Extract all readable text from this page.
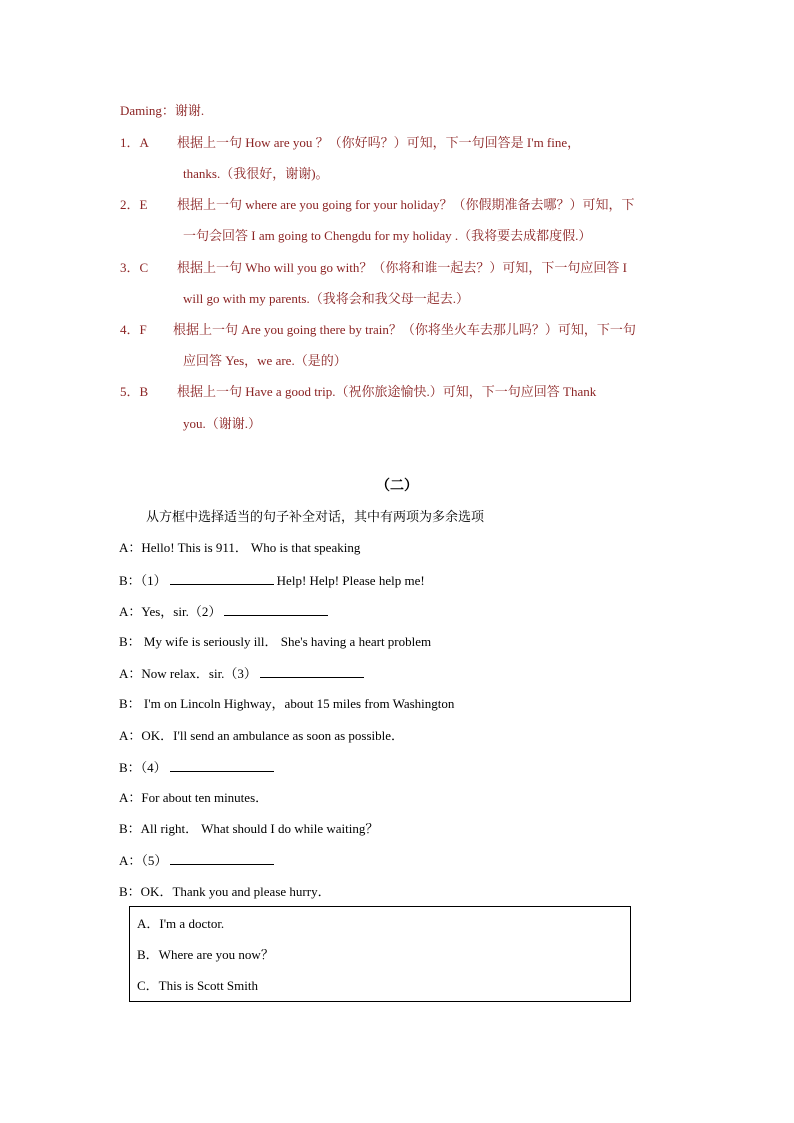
Daming：谢谢.
1．A 根据上一句 How are you ？（你好吗？）可知，下一句回答是 I'm fine，
thanks.（我很好，谢谢)。
2．E 根据上一句 where are you going for your holiday？（你假期准备去哪？）可知，下
一句会回答 I am going to Chengdu for my holiday .（我将要去成都度假.）
3．C 根据上一句 Who will you go with？（你将和谁一起去？）可知，下一句应回答 I
will go with my parents.（我将会和我父母一起去.）
4．F 根据上一句 Are you going there by train？（你将坐火车去那儿吗？）可知，下一句
应回答 Yes，we are.（是的）
5．B 根据上一句 Have a good trip.（祝你旅途愉快.）可知，下一句应回答 Thank
you.（谢谢.）
（二）
从方框中选择适当的句子补全对话，其中有两项为多余选项
A：Hello! This is 911． Who is that speaking
B：（1）	Help! Help! Please help me!
A：Yes，sir.（2）
B： My wife is seriously ill． She's having a heart problem
A：Now relax．sir.（3）
B： I'm on Lincoln Highway，about 15 miles from Washington
A：OK．I'll send an ambulance as soon as possible．
B：（4）
A：For about ten minutes．
B：All right． What should I do while waiting？
A：（5）
B：OK．Thank you and please hurry．
A．I'm a doctor.
B．Where are you now？
C．This is Scott Smith
